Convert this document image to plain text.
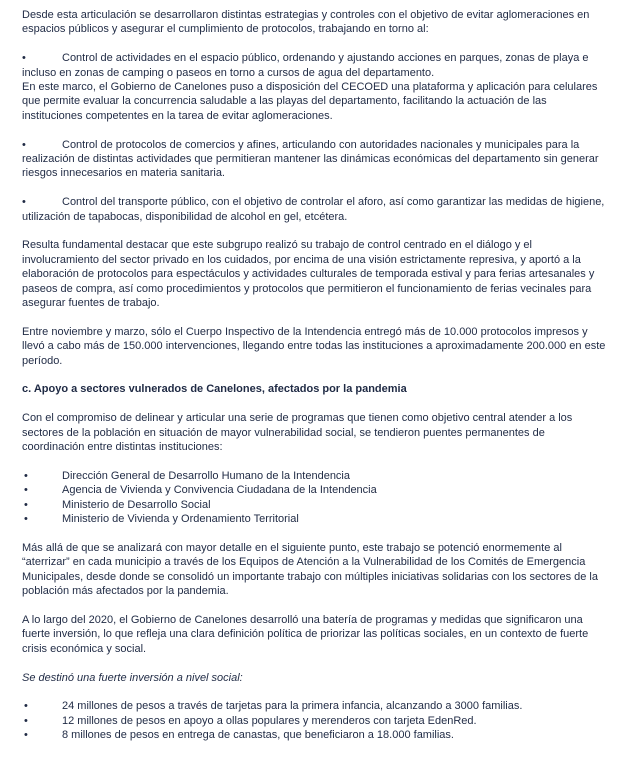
Desde esta articulación se desarrollaron distintas estrategias y controles con el objetivo de evitar aglomeraciones en espacios públicos y asegurar el cumplimiento de protocolos, trabajando en torno al:

•	Control de actividades en el espacio público, ordenando y ajustando acciones en parques, zonas de playa e incluso en zonas de camping o paseos en torno a cursos de agua del departamento.
En este marco, el Gobierno de Canelones puso a disposición del CECOED una plataforma y aplicación para celulares que permite evaluar la concurrencia saludable a las playas del departamento, facilitando la actuación de las instituciones competentes en la tarea de evitar aglomeraciones.

•	Control de protocolos de comercios y afines, articulando con autoridades nacionales y municipales para la realización de distintas actividades que permitieran mantener las dinámicas económicas del departamento sin generar riesgos innecesarios en materia sanitaria.

•	Control del transporte público, con el objetivo de controlar el aforo, así como garantizar las medidas de higiene, utilización de tapabocas, disponibilidad de alcohol en gel, etcétera.

Resulta fundamental destacar que este subgrupo realizó su trabajo de control centrado en el diálogo y el involucramiento del sector privado en los cuidados, por encima de una visión estrictamente represiva, y aportó a la elaboración de protocolos para espectáculos y actividades culturales de temporada estival y para ferias artesanales y paseos de compra, así como procedimientos y protocolos que permitieron el funcionamiento de ferias vecinales para asegurar fuentes de trabajo.

Entre noviembre y marzo, sólo el Cuerpo Inspectivo de la Intendencia entregó más de 10.000 protocolos impresos y llevó a cabo más de 150.000 intervenciones, llegando entre todas las instituciones a aproximadamente 200.000 en este período.

c. Apoyo a sectores vulnerados de Canelones, afectados por la pandemia

Con el compromiso de delinear y articular una serie de programas que tienen como objetivo central atender a los sectores de la población en situación de mayor vulnerabilidad social, se tendieron puentes permanentes de coordinación entre distintas instituciones:

•	Dirección General de Desarrollo Humano de la Intendencia
•	Agencia de Vivienda y Convivencia Ciudadana de la Intendencia
•	Ministerio de Desarrollo Social
•	Ministerio de Vivienda y Ordenamiento Territorial

Más allá de que se analizará con mayor detalle en el siguiente punto, este trabajo se potenció enormemente al “aterrizar” en cada municipio a través de los Equipos de Atención a la Vulnerabilidad de los Comités de Emergencia Municipales, desde donde se consolidó un importante trabajo con múltiples iniciativas solidarias con los sectores de la población más afectados por la pandemia.

A lo largo del 2020, el Gobierno de Canelones desarrolló una batería de programas y medidas que significaron una fuerte inversión, lo que refleja una clara definición política de priorizar las políticas sociales, en un contexto de fuerte crisis económica y social.

Se destinó una fuerte inversión a nivel social:

•	24 millones de pesos a través de tarjetas para la primera infancia, alcanzando a 3000 familias.
•	12 millones de pesos en apoyo a ollas populares y merenderos con tarjeta EdenRed.
•	8 millones de pesos en entrega de canastas, que beneficiaron a 18.000 familias.
